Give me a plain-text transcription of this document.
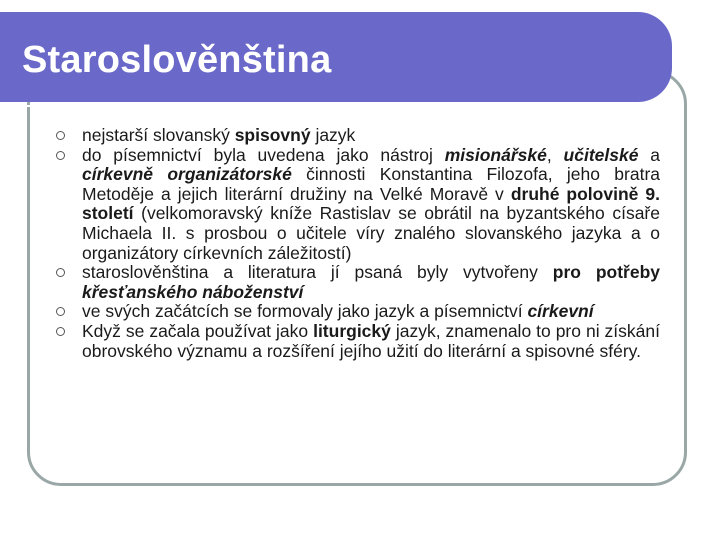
Staroslověnština
nejstarší slovanský spisovný jazyk
do písemnictví byla uvedena jako nástroj misionářské, učitelské a církevně organizátorské činnosti Konstantina Filozofa, jeho bratra Metoděje a jejich literární družiny na Velké Moravě v druhé polovině 9. století (velkomoravský kníže Rastislav se obrátil na byzantského císaře Michaela II. s prosbou o učitele víry znalého slovanského jazyka a o organizátory církevních záležitostí)
staroslověnština a literatura jí psaná byly vytvořeny pro potřeby křesťanského náboženství
ve svých začátcích se formovaly jako jazyk a písemnictví církevní
Když se začala používat jako liturgický jazyk, znamenalo to pro ni získání obrovského významu a rozšíření jejího užití do literární a spisovné sféry.
